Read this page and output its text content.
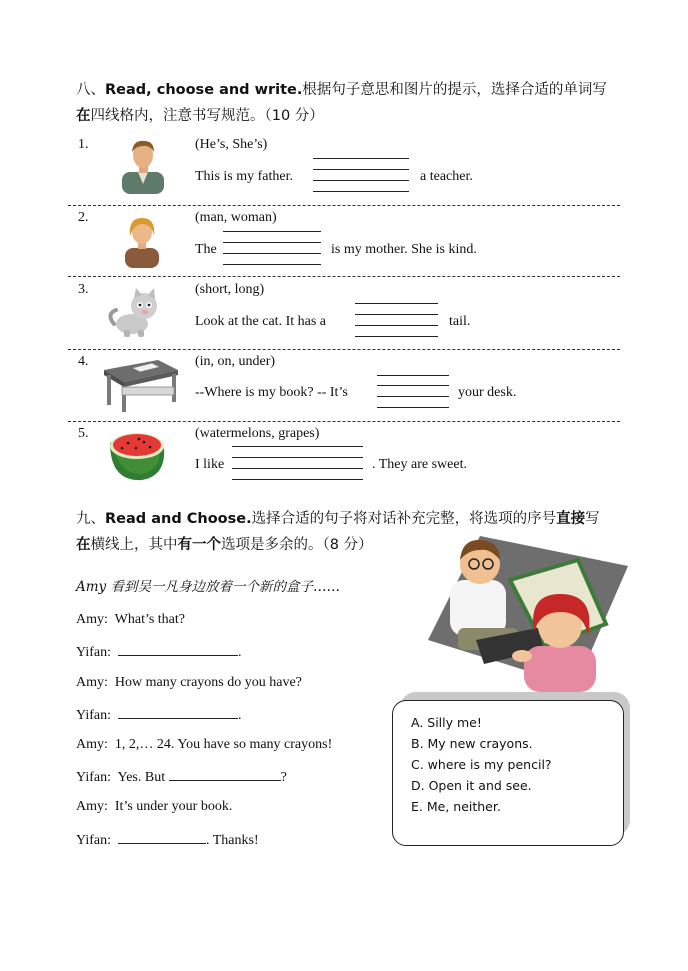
八、Read, choose and write.根据句子意思和图片的提示，选择合适的单词写
在四线格内，注意书写规范。（10 分）
1.	(He’s, She’s)
This is my father.	a teacher.
2.	(man, woman)
The	is my mother. She is kind.
3.	(short, long)
Look at the cat. It has a	tail.
4.	(in, on, under)
--Where is my book? -- It’s	your desk.
5.	(watermelons, grapes)
I like	. They are sweet.
九、Read and Choose.选择合适的句子将对话补充完整，将选项的序号直接写
在横线上，其中有一个选项是多余的。（8 分）
Amy 看到吴一凡身边放着一个新的盒子……
Amy: What’s that?
Yifan:	.
Amy: How many crayons do you have?
Yifan:	.
Amy: 1, 2,… 24. You have so many crayons!
Yifan: Yes. But	?
Amy: It’s under your book.
Yifan:	. Thanks!
A. Silly me!
B. My new crayons.
C. where is my pencil?
D. Open it and see.
E. Me, neither.
